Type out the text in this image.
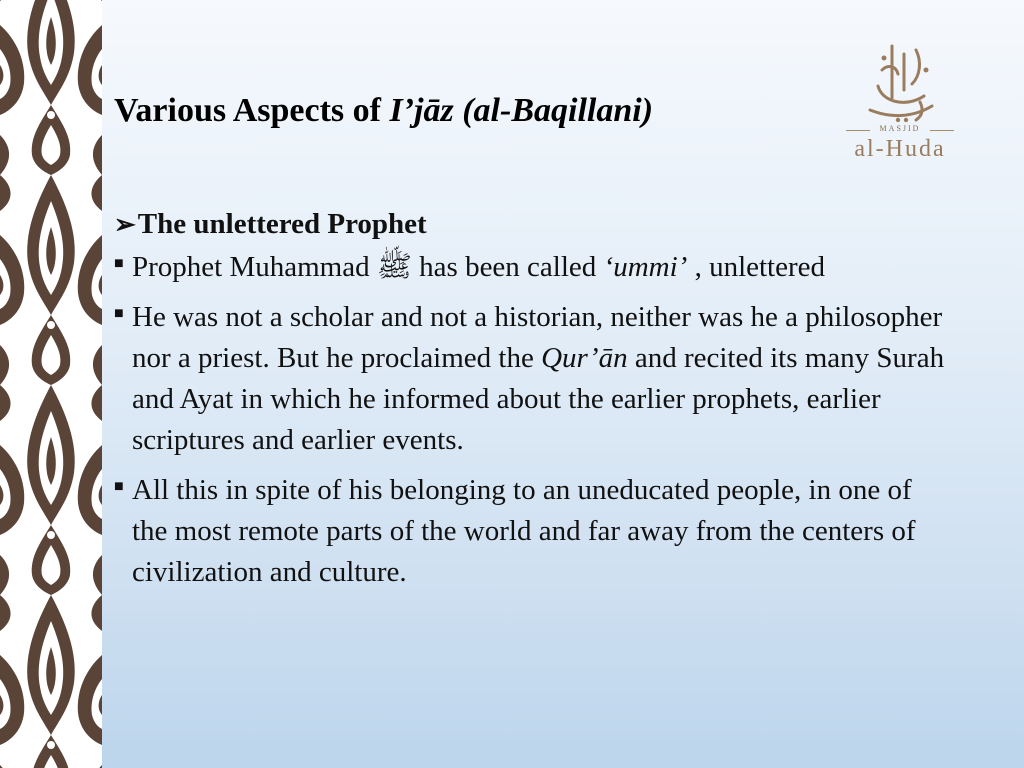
Various Aspects of I’jāz (al-Baqillani)	MASJID
al-Huda
➢ The unlettered Prophet
■ Prophet Muhammad ﷺ has been called ‘ummi’ , unlettered
■ He was not a scholar and not a historian, neither was he a philosopher nor a priest. But he proclaimed the Qur’ān and recited its many Surah and Ayat in which he informed about the earlier prophets, earlier scriptures and earlier events.
■ All this in spite of his belonging to an uneducated people, in one of the most remote parts of the world and far away from the centers of civilization and culture.
